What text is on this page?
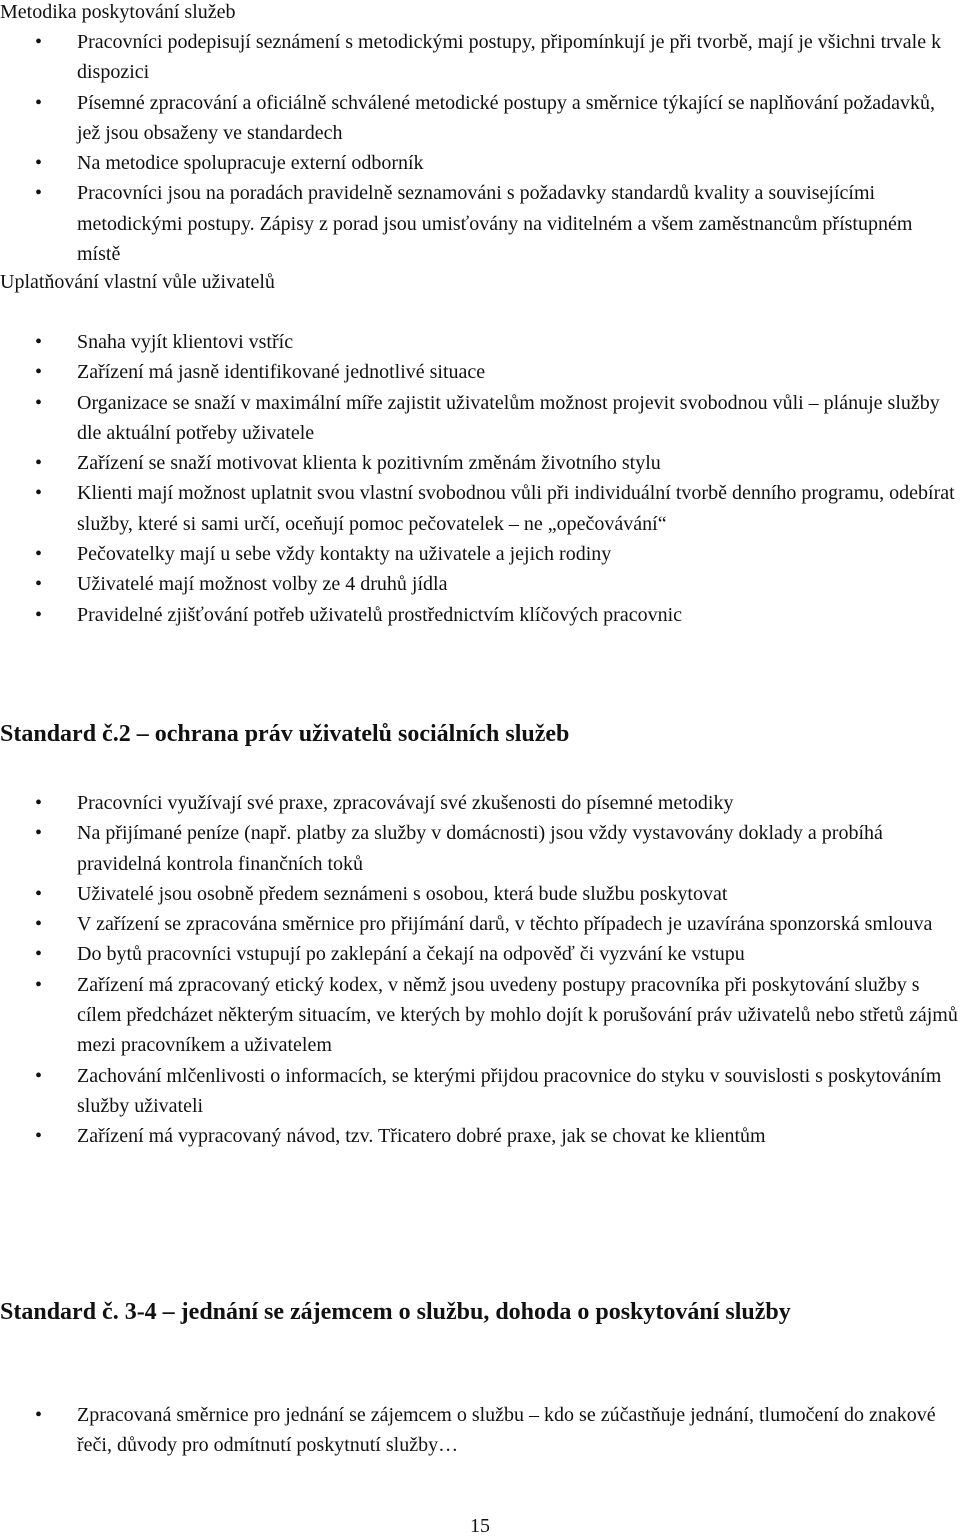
Metodika poskytování služeb
• Pracovníci podepisují seznámení s metodickými postupy, připomínkují je při tvorbě, mají je všichni trvale k dispozici
• Písemné zpracování a oficiálně schválené metodické postupy a směrnice týkající se naplňování požadavků, jež jsou obsaženy ve standardech
• Na metodice spolupracuje externí odborník
• Pracovníci jsou na poradách pravidelně seznamováni s požadavky standardů kvality a souvisejícími metodickými postupy. Zápisy z porad jsou umisťovány na viditelném a všem zaměstnancům přístupném místě
Uplatňování vlastní vůle uživatelů
• Snaha vyjít klientovi vstříc
• Zařízení má jasně identifikované jednotlivé situace
• Organizace se snaží v maximální míře zajistit uživatelům možnost projevit svobodnou vůli – plánuje služby dle aktuální potřeby uživatele
• Zařízení se snaží motivovat klienta k pozitivním změnám životního stylu
• Klienti mají možnost uplatnit svou vlastní svobodnou vůli při individuální tvorbě denního programu, odebírat služby, které si sami určí, oceňují pomoc pečovatelek – ne „opečovávání“
• Pečovatelky mají u sebe vždy kontakty na uživatele a jejich rodiny
• Uživatelé mají možnost volby ze 4 druhů jídla
• Pravidelné zjišťování potřeb uživatelů prostřednictvím klíčových pracovnic
Standard č.2 – ochrana práv uživatelů sociálních služeb
• Pracovníci využívají své praxe, zpracovávají své zkušenosti do písemné metodiky
• Na přijímané peníze (např. platby za služby v domácnosti) jsou vždy vystavovány doklady a probíhá pravidelná kontrola finančních toků
• Uživatelé jsou osobně předem seznámeni s osobou, která bude službu poskytovat
• V zařízení se zpracována směrnice pro přijímání darů, v těchto případech je uzavírána sponzorská smlouva
• Do bytů pracovníci vstupují po zaklepání a čekají na odpověď či vyzvání ke vstupu
• Zařízení má zpracovaný etický kodex, v němž jsou uvedeny postupy pracovníka při poskytování služby s cílem předcházet některým situacím, ve kterých by mohlo dojít k porušování práv uživatelů nebo střetů zájmů mezi pracovníkem a uživatelem
• Zachování mlčenlivosti o informacích, se kterými přijdou pracovnice do styku v souvislosti s poskytováním služby uživateli
• Zařízení má vypracovaný návod, tzv. Třicatero dobré praxe, jak se chovat ke klientům
Standard č. 3-4 – jednání se zájemcem o službu, dohoda o poskytování služby
• Zpracovaná směrnice pro jednání se zájemcem o službu – kdo se zúčastňuje jednání, tlumočení do znakové řeči, důvody pro odmítnutí poskytnutí služby…
15
